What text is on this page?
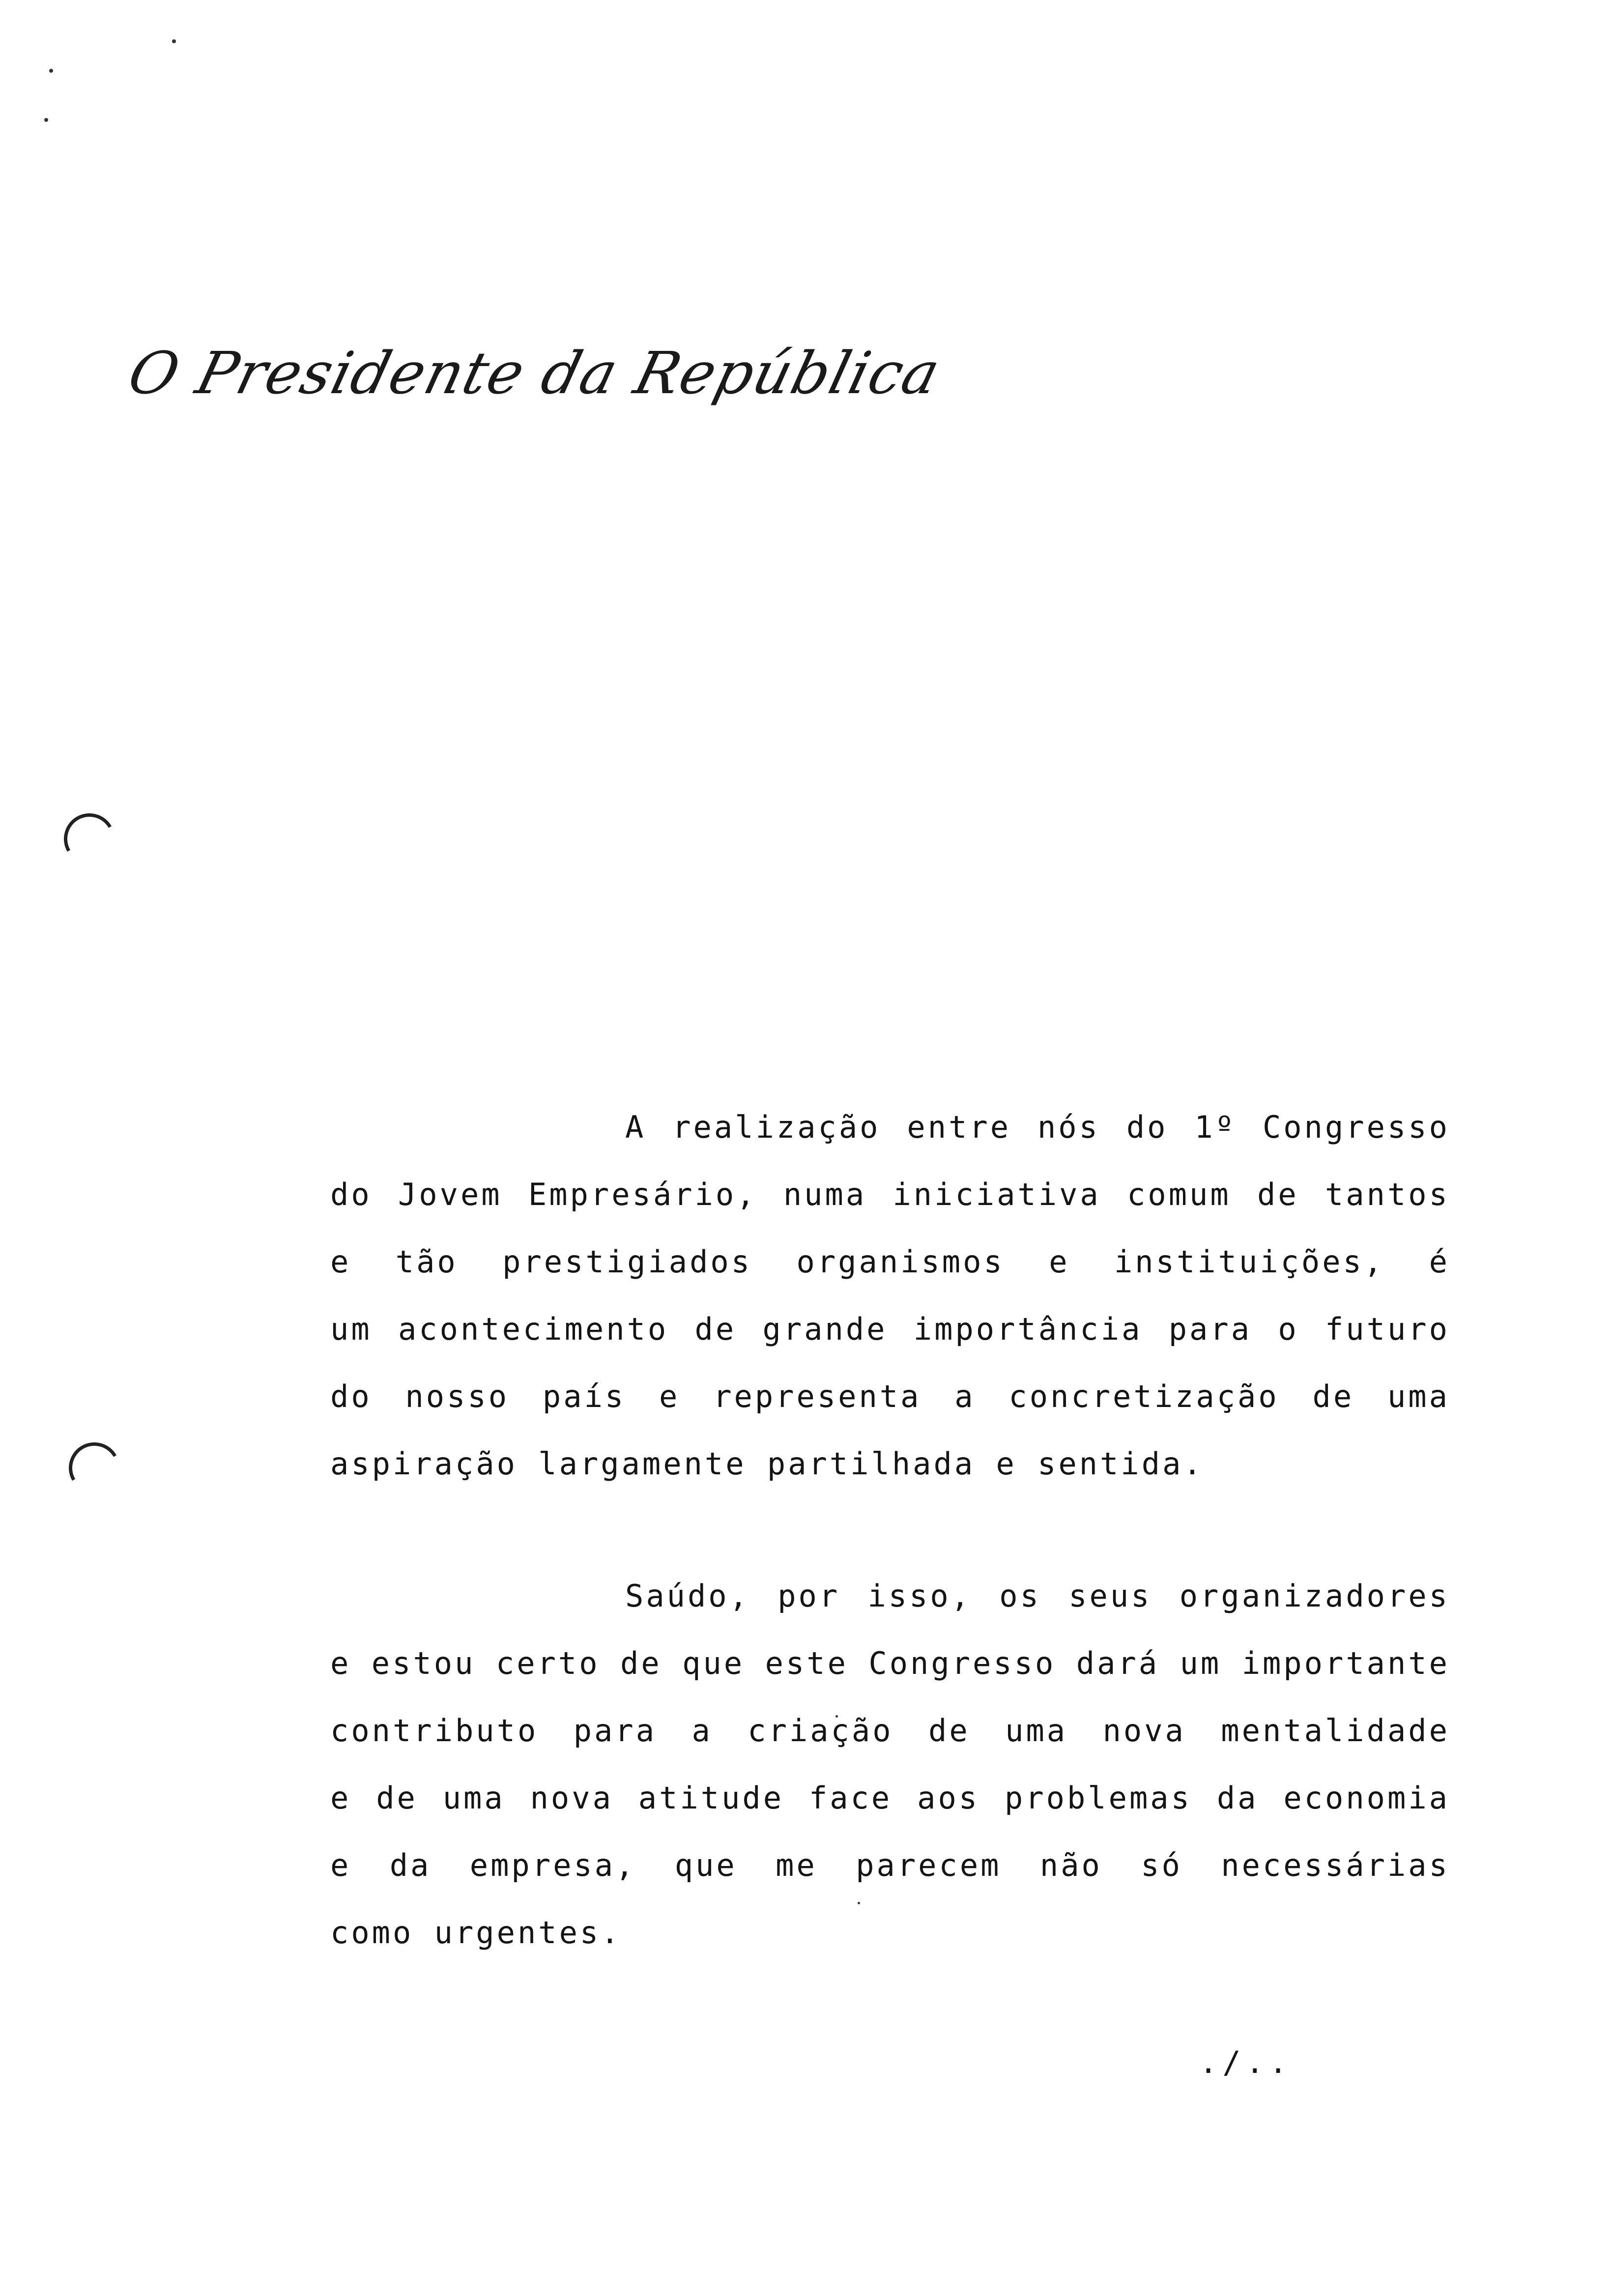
O Presidente da República
A realização entre nós do 1º Congresso
do Jovem Empresário, numa iniciativa comum de tantos
e tão prestigiados organismos e instituições, é
um acontecimento de grande importância para o futuro
do nosso país e representa a concretização de uma
aspiração largamente partilhada e sentida.
Saúdo, por isso, os seus organizadores
e estou certo de que este Congresso dará um importante
contributo para a criação de uma nova mentalidade
e de uma nova atitude face aos problemas da economia
e da empresa, que me parecem não só necessárias
como urgentes.
./..
